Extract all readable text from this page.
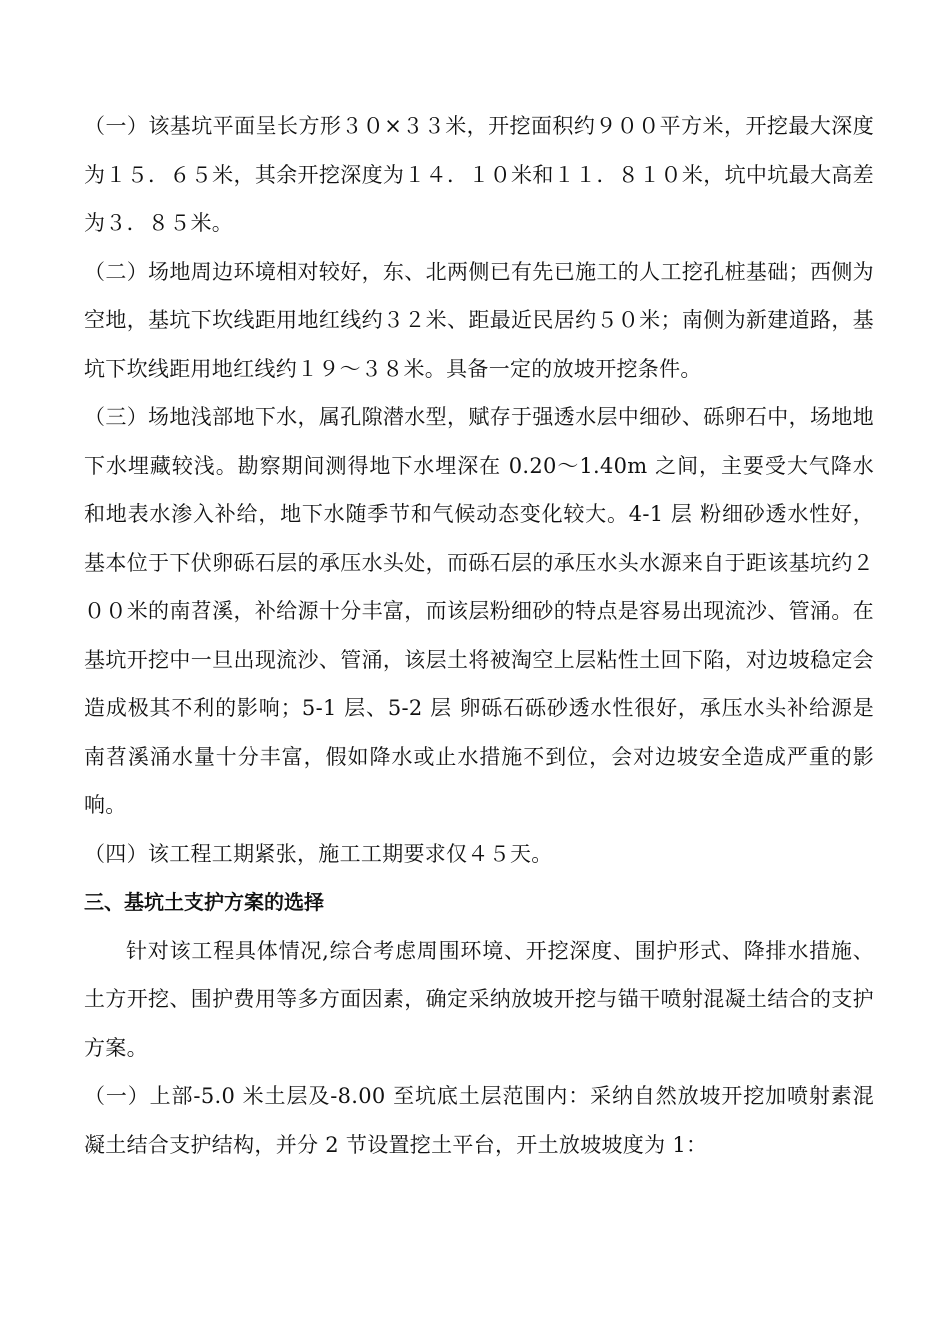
（一）该基坑平面呈长方形３０×３３米，开挖面积约９００平方米，开挖最大深度为１５．６５米，其余开挖深度为１４．１０米和１１．８１０米，坑中坑最大高差为３．８５米。

（二）场地周边环境相对较好，东、北两侧已有先已施工的人工挖孔桩基础；西侧为空地，基坑下坎线距用地红线约３２米、距最近民居约５０米；南侧为新建道路，基坑下坎线距用地红线约１９～３８米。具备一定的放坡开挖条件。

（三）场地浅部地下水，属孔隙潜水型，赋存于强透水层中细砂、砾卵石中，场地地下水埋藏较浅。勘察期间测得地下水埋深在 0.20～1.40m 之间，主要受大气降水和地表水渗入补给，地下水随季节和气候动态变化较大。4-1 层 粉细砂透水性好，基本位于下伏卵砾石层的承压水头处，而砾石层的承压水头水源来自于距该基坑约２００米的南苕溪，补给源十分丰富，而该层粉细砂的特点是容易出现流沙、管涌。在基坑开挖中一旦出现流沙、管涌，该层土将被淘空上层粘性土回下陷，对边坡稳定会造成极其不利的影响；5-1 层、5-2 层 卵砾石砾砂透水性很好，承压水头补给源是南苕溪涌水量十分丰富，假如降水或止水措施不到位，会对边坡安全造成严重的影响。

（四）该工程工期紧张，施工工期要求仅４５天。

三、基坑土支护方案的选择

针对该工程具体情况,综合考虑周围环境、开挖深度、围护形式、降排水措施、土方开挖、围护费用等多方面因素，确定采纳放坡开挖与锚干喷射混凝土结合的支护方案。

（一）上部-5.0 米土层及-8.00 至坑底土层范围内：采纳自然放坡开挖加喷射素混凝土结合支护结构，并分 2 节设置挖土平台，开土放坡坡度为 1：
